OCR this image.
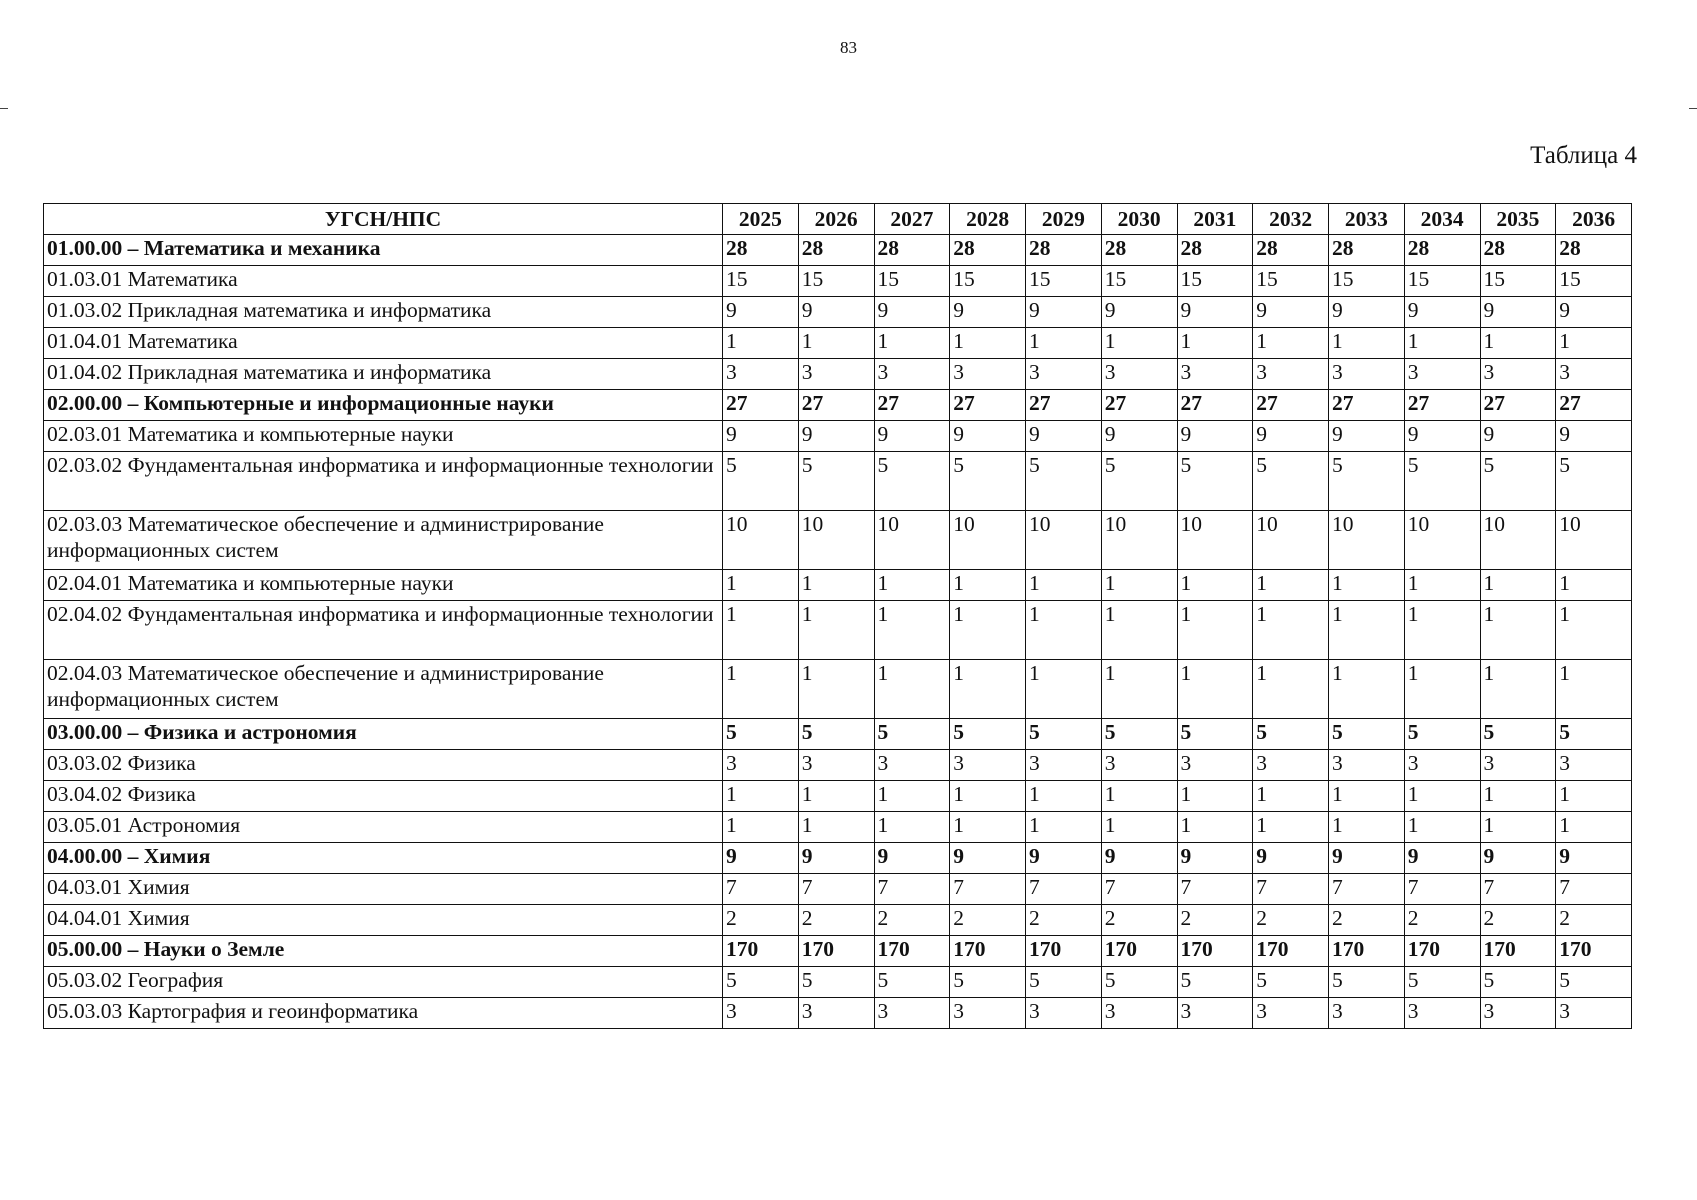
83
Таблица 4
УГСН/НПС	2025	2026	2027	2028	2029	2030	2031	2032	2033	2034	2035	2036
01.00.00 – Математика и механика	28	28	28	28	28	28	28	28	28	28	28	28
01.03.01 Математика	15	15	15	15	15	15	15	15	15	15	15	15
01.03.02 Прикладная математика и информатика	9	9	9	9	9	9	9	9	9	9	9	9
01.04.01 Математика	1	1	1	1	1	1	1	1	1	1	1	1
01.04.02 Прикладная математика и информатика	3	3	3	3	3	3	3	3	3	3	3	3
02.00.00 – Компьютерные и информационные науки	27	27	27	27	27	27	27	27	27	27	27	27
02.03.01 Математика и компьютерные науки	9	9	9	9	9	9	9	9	9	9	9	9
02.03.02 Фундаментальная информатика и информационные технологии	5	5	5	5	5	5	5	5	5	5	5	5
02.03.03 Математическое обеспечение и администрирование информационных систем	10	10	10	10	10	10	10	10	10	10	10	10
02.04.01 Математика и компьютерные науки	1	1	1	1	1	1	1	1	1	1	1	1
02.04.02 Фундаментальная информатика и информационные технологии	1	1	1	1	1	1	1	1	1	1	1	1
02.04.03 Математическое обеспечение и администрирование информационных систем	1	1	1	1	1	1	1	1	1	1	1	1
03.00.00 – Физика и астрономия	5	5	5	5	5	5	5	5	5	5	5	5
03.03.02 Физика	3	3	3	3	3	3	3	3	3	3	3	3
03.04.02 Физика	1	1	1	1	1	1	1	1	1	1	1	1
03.05.01 Астрономия	1	1	1	1	1	1	1	1	1	1	1	1
04.00.00 – Химия	9	9	9	9	9	9	9	9	9	9	9	9
04.03.01 Химия	7	7	7	7	7	7	7	7	7	7	7	7
04.04.01 Химия	2	2	2	2	2	2	2	2	2	2	2	2
05.00.00 – Науки о Земле	170	170	170	170	170	170	170	170	170	170	170	170
05.03.02 География	5	5	5	5	5	5	5	5	5	5	5	5
05.03.03 Картография и геоинформатика	3	3	3	3	3	3	3	3	3	3	3	3
